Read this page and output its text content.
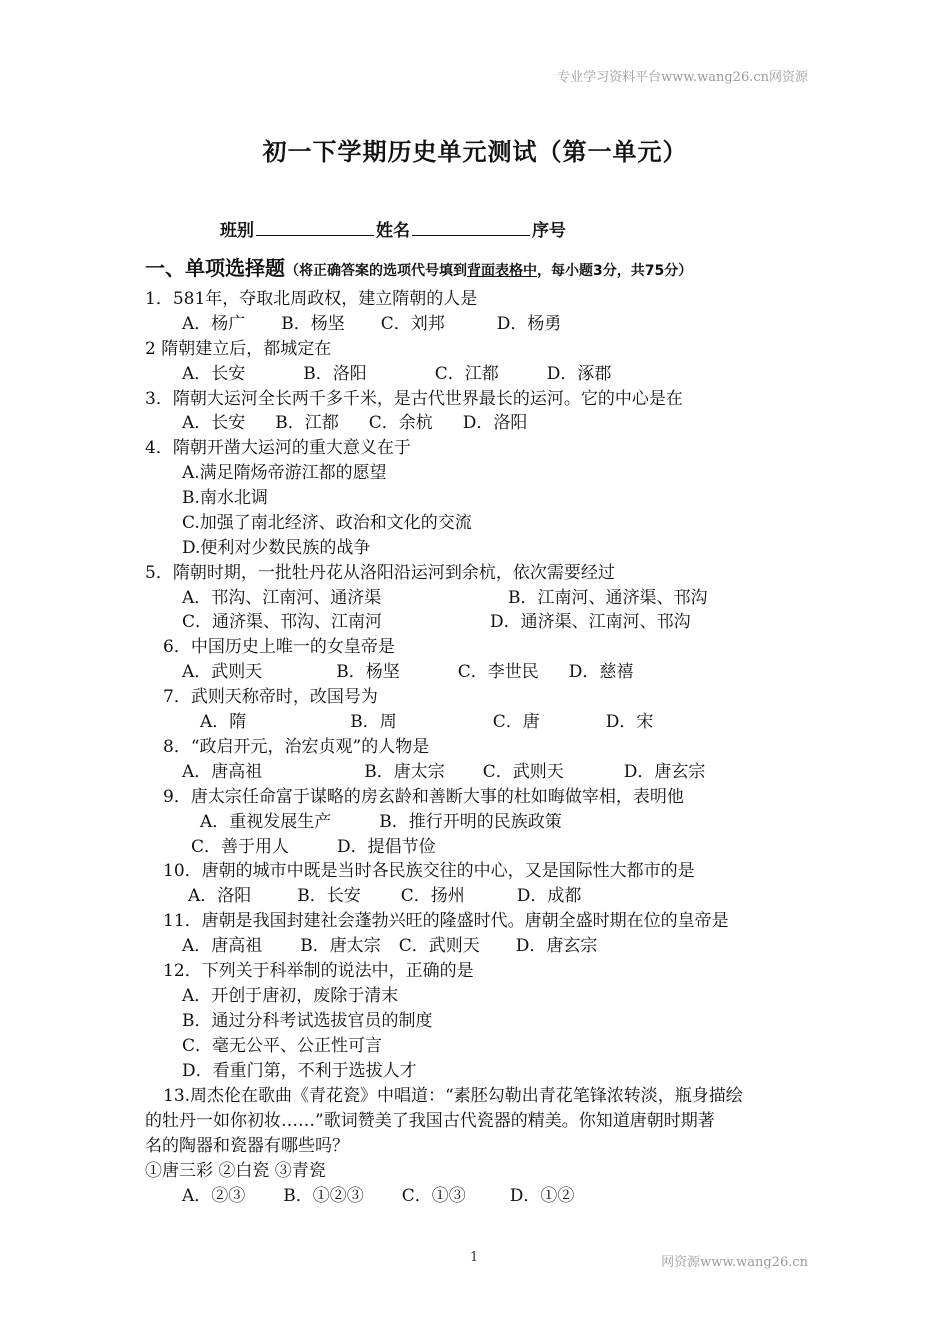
专业学习资料平台www.wang26.cn网资源
初一下学期历史单元测试（第一单元）
班别	姓名	序号
一、单项选择题（将正确答案的选项代号填到背面表格中，每小题3分，共75分）
1．581年，夺取北周政权，建立隋朝的人是
A．杨广 B．杨坚 C．刘邦	D．杨勇
2 隋朝建立后，都城定在
A．长安	B．洛阳	C．江都	D．涿郡
3．隋朝大运河全长两千多千米，是古代世界最长的运河。它的中心是在
A．长安 B．江都 C．余杭 D．洛阳
4．隋朝开凿大运河的重大意义在于
A.满足隋炀帝游江都的愿望
B.南水北调
C.加强了南北经济、政治和文化的交流
D.便利对少数民族的战争
5．隋朝时期，一批牡丹花从洛阳沿运河到余杭，依次需要经过
A．邗沟、江南河、通济渠	B．江南河、通济渠、邗沟
C．通济渠、邗沟、江南河	D．通济渠、江南河、邗沟
6．中国历史上唯一的女皇帝是
A．武则天	B．杨坚	C．李世民 D．慈禧
7．武则天称帝时，改国号为
A．隋	B．周	C．唐	D．宋
8．“政启开元，治宏贞观”的人物是
A．唐高祖	B．唐太宗 C．武则天	D．唐玄宗
9．唐太宗任命富于谋略的房玄龄和善断大事的杜如晦做宰相，表明他
A．重视发展生产	B．推行开明的民族政策
C．善于用人	D．提倡节俭
10．唐朝的城市中既是当时各民族交往的中心，又是国际性大都市的是
A．洛阳	B．长安 C．扬州	D．成都
11．唐朝是我国封建社会蓬勃兴旺的隆盛时代。唐朝全盛时期在位的皇帝是
A．唐高祖 B．唐太宗 C．武则天 D．唐玄宗
12．下列关于科举制的说法中，正确的是
A．开创于唐初，废除于清末
B．通过分科考试选拔官员的制度
C．毫无公平、公正性可言
D．看重门第，不利于选拔人才
13.周杰伦在歌曲《青花瓷》中唱道：“素胚勾勒出青花笔锋浓转淡，瓶身描绘
的牡丹一如你初妆……”歌词赞美了我国古代瓷器的精美。你知道唐朝时期著
名的陶器和瓷器有哪些吗？
①唐三彩 ②白瓷 ③青瓷
A．②③ B．①②③ C．①③	D．①②
1	网资源www.wang26.cn
